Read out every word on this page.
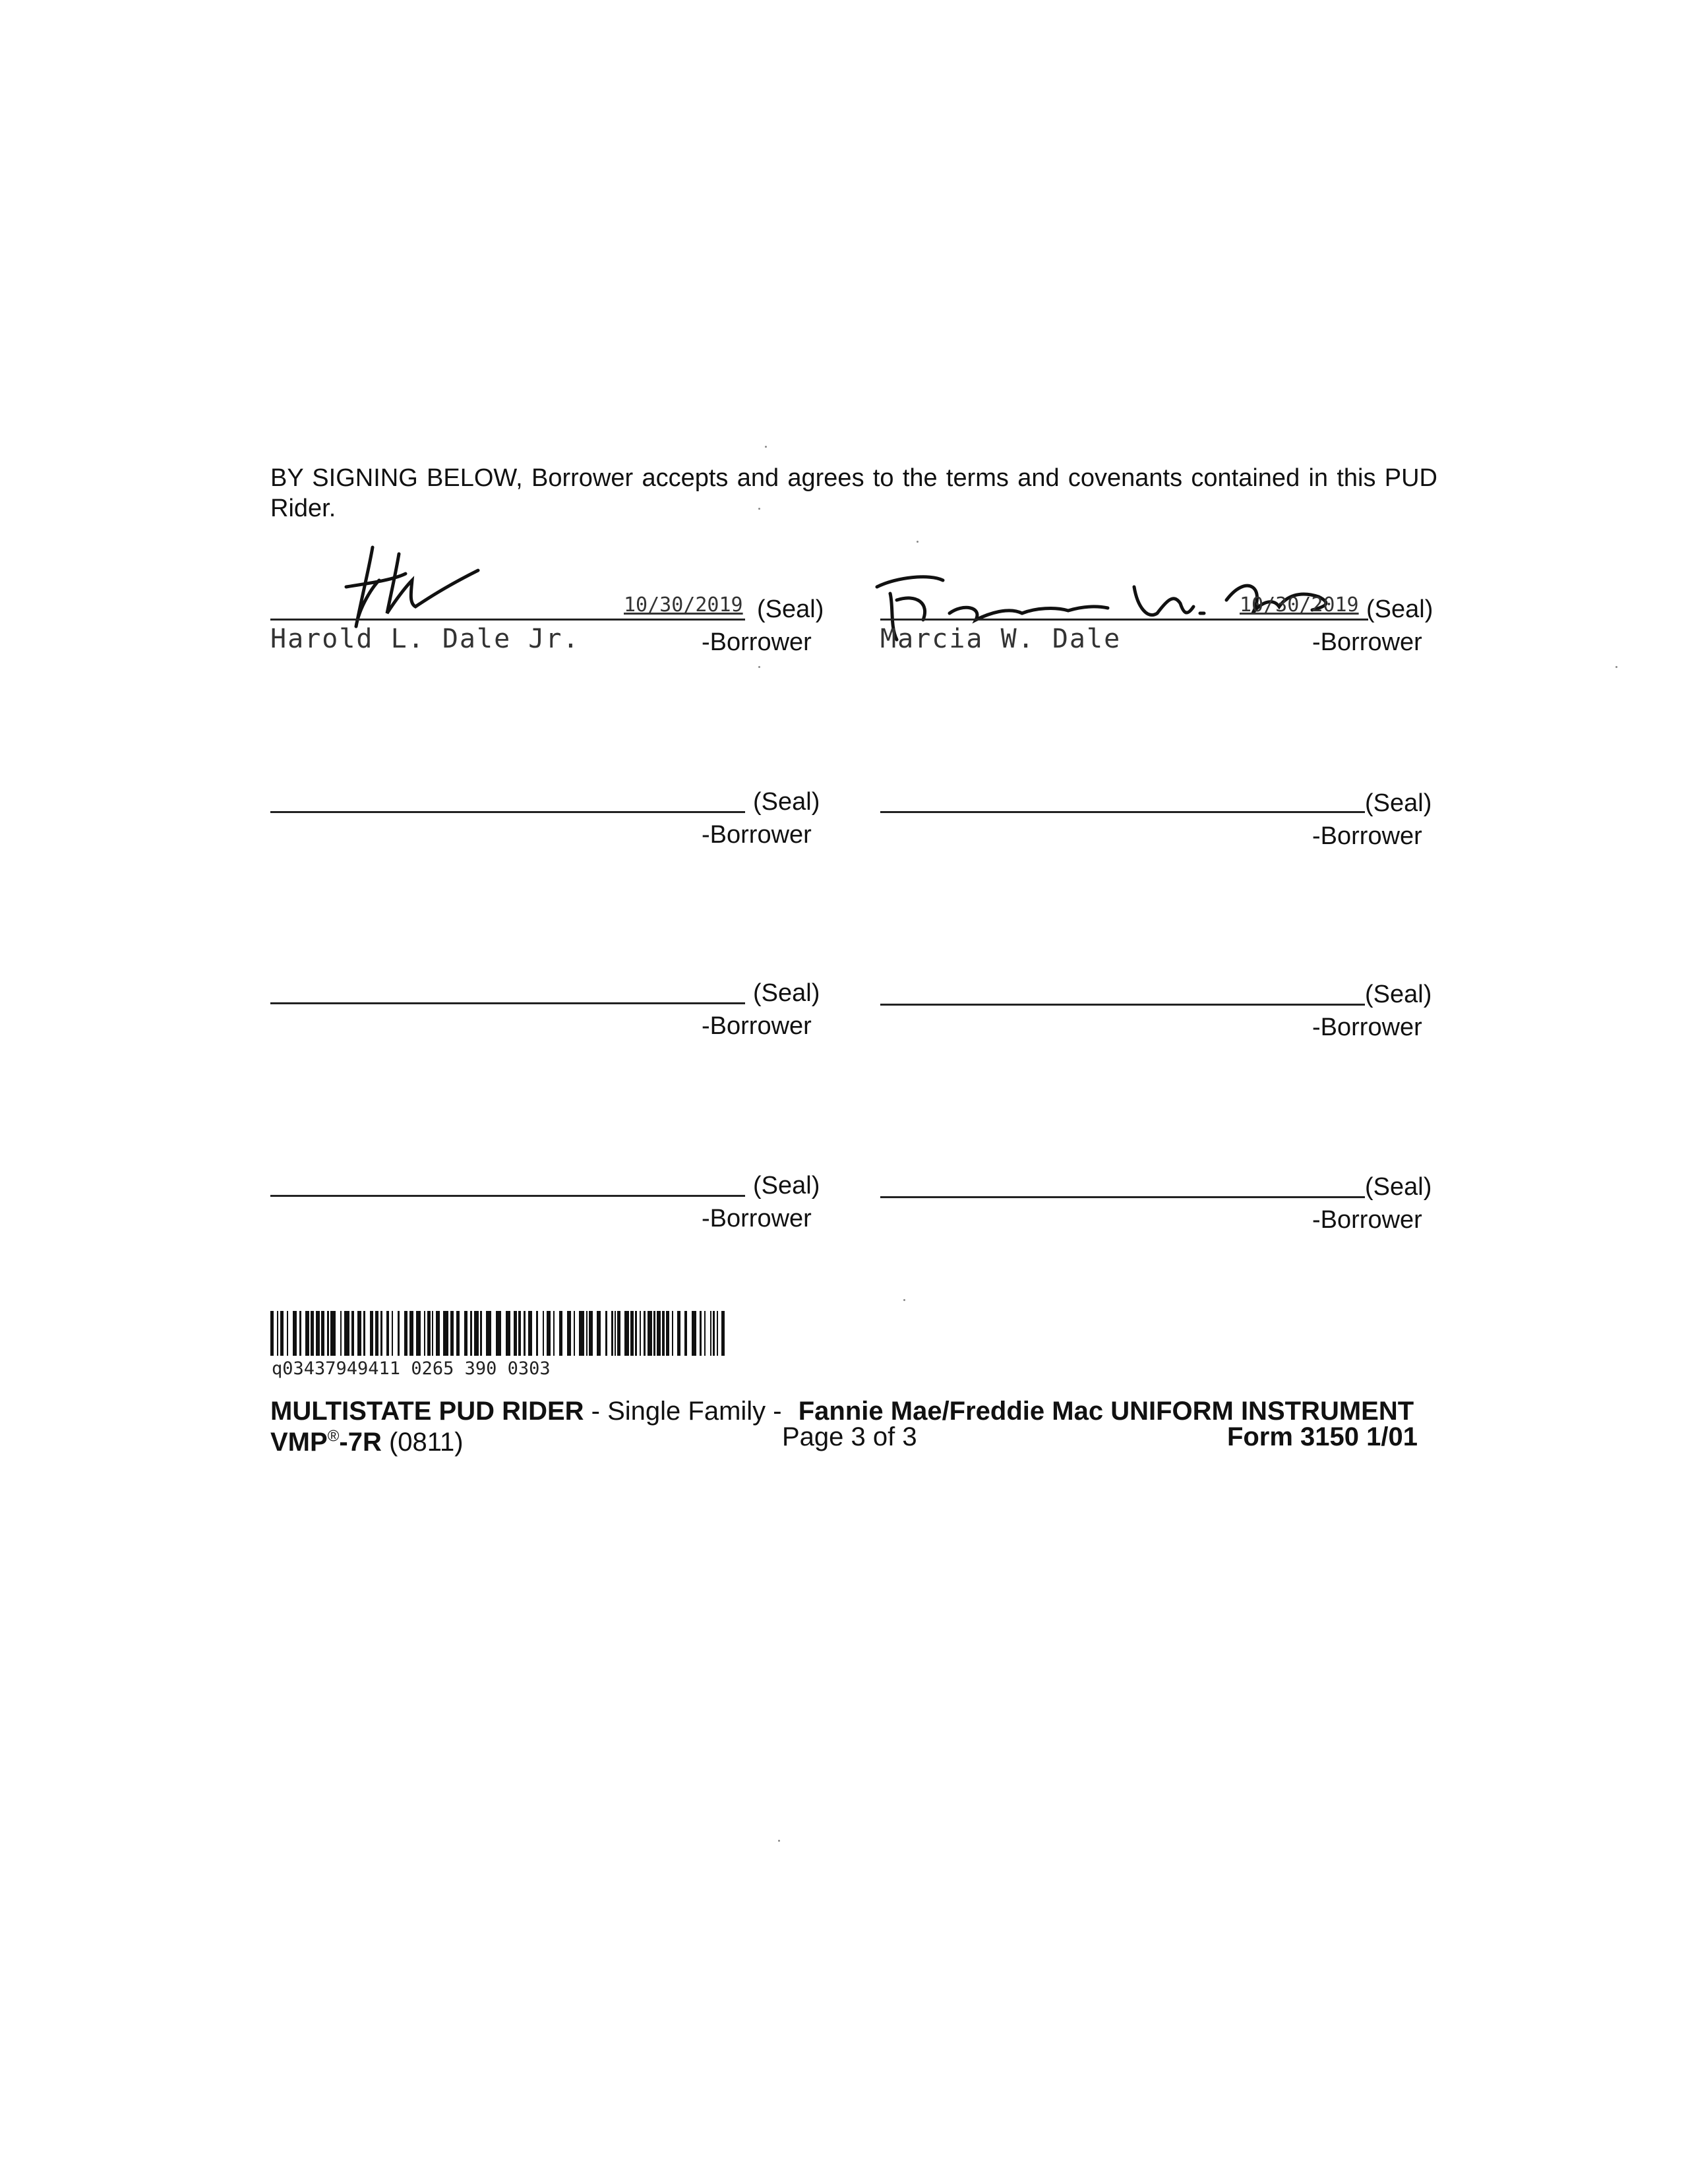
BY SIGNING BELOW, Borrower accepts and agrees to the terms and covenants contained in this PUD Rider.
10/30/2019 (Seal)
Harold L. Dale Jr.	-Borrower
10/30/2019 (Seal)
Marcia W. Dale	-Borrower
(Seal)
-Borrower
(Seal)
-Borrower
(Seal)
-Borrower
(Seal)
-Borrower
(Seal)
-Borrower
(Seal)
-Borrower
q03437949411 0265 390 0303
MULTISTATE PUD RIDER - Single Family - Fannie Mae/Freddie Mac UNIFORM INSTRUMENT
VMP®-7R (0811)	Page 3 of 3	Form 3150 1/01
